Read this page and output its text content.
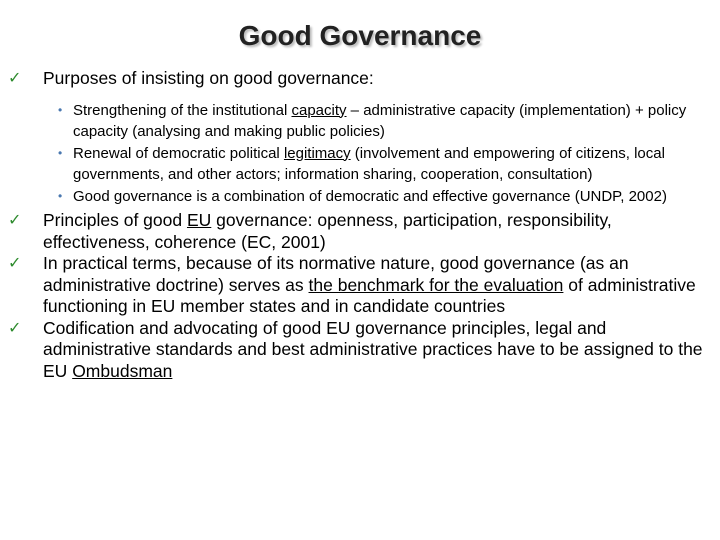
Good Governance
✓ Purposes of insisting on good governance:
• Strengthening of the institutional capacity – administrative capacity (implementation) + policy capacity (analysing and making public policies)
• Renewal of democratic political legitimacy (involvement and empowering of citizens, local governments, and other actors; information sharing, cooperation, consultation)
• Good governance is a combination of democratic and effective governance (UNDP, 2002)
✓ Principles of good EU governance: openness, participation, responsibility, effectiveness, coherence (EC, 2001)
✓ In practical terms, because of its normative nature, good governance (as an administrative doctrine) serves as the benchmark for the evaluation of administrative functioning in EU member states and in candidate countries
✓ Codification and advocating of good EU governance principles, legal and administrative standards and best administrative practices have to be assigned to the EU Ombudsman
